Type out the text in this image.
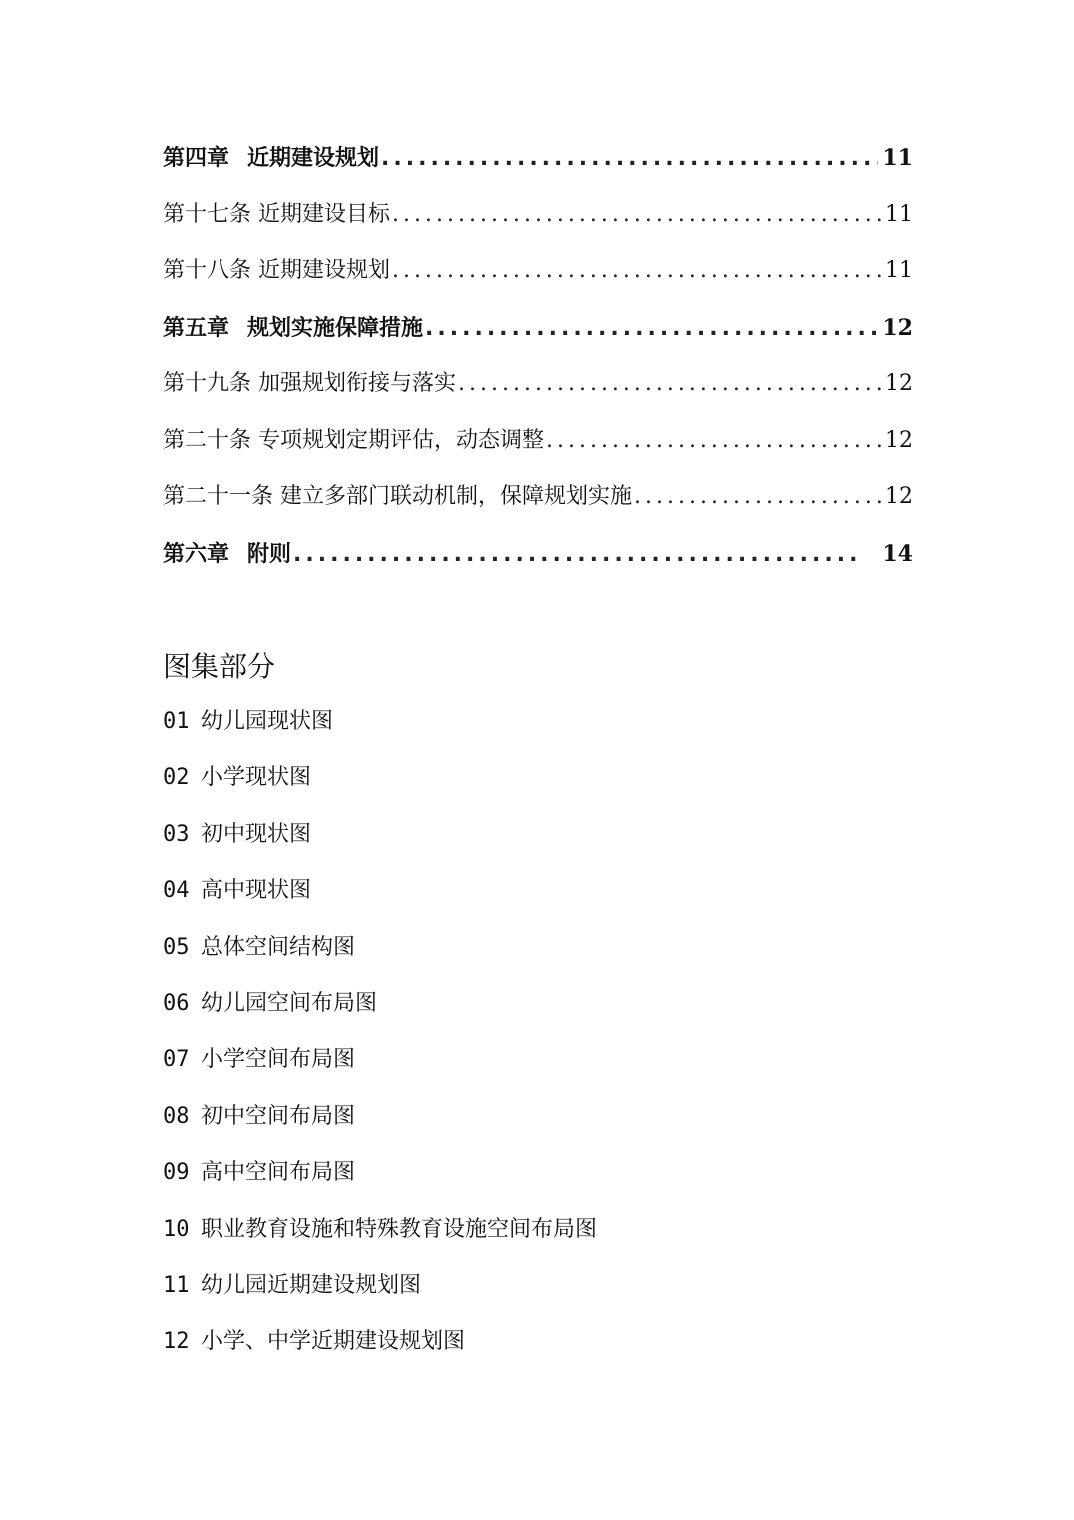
第四章 近期建设规划 .....	11
第十七条 近期建设目标 .....	11
第十八条 近期建设规划 .....	11
第五章 规划实施保障措施 .....	12
第十九条 加强规划衔接与落实 .....	12
第二十条 专项规划定期评估，动态调整 .....	12
第二十一条 建立多部门联动机制，保障规划实施 .....	12
第六章 附则 .....	14
图集部分
01 幼儿园现状图
02 小学现状图
03 初中现状图
04 高中现状图
05 总体空间结构图
06 幼儿园空间布局图
07 小学空间布局图
08 初中空间布局图
09 高中空间布局图
10 职业教育设施和特殊教育设施空间布局图
11 幼儿园近期建设规划图
12 小学、中学近期建设规划图
